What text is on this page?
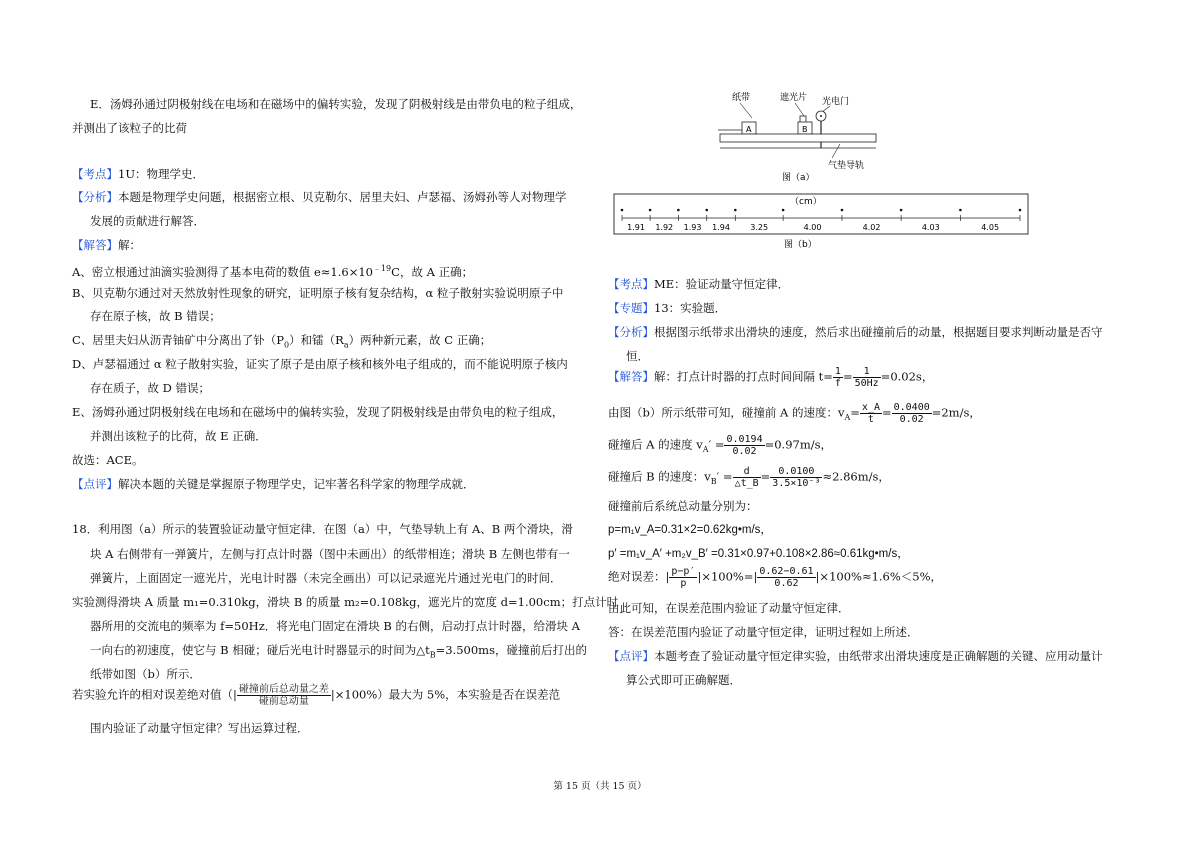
E．汤姆孙通过阴极射线在电场和在磁场中的偏转实验，发现了阴极射线是由带负电的粒子组成，
并测出了该粒子的比荷
【考点】1U：物理学史．
【分析】本题是物理学史问题，根据密立根、贝克勒尔、居里夫妇、卢瑟福、汤姆孙等人对物理学
发展的贡献进行解答．
【解答】解：
A、密立根通过油滴实验测得了基本电荷的数值 $e\approx 1.6\times 10^{﹣19}C$，故 A 正确；
B、贝克勒尔通过对天然放射性现象的研究，证明原子核有复杂结构，α 粒子散射实验说明原子中
存在原子核，故 B 错误；
C、居里夫妇从沥青铀矿中分离出了钋$(P_0)$和镭$(R_a)$两种新元素，故 C 正确；
D、卢瑟福通过 α 粒子散射实验，证实了原子是由原子核和核外电子组成的，而不能说明原子核内
存在质子，故 D 错误；
E、汤姆孙通过阴极射线在电场和在磁场中的偏转实验，发现了阴极射线是由带负电的粒子组成，
并测出该粒子的比荷，故 E 正确．
故选：ACE。
【点评】解决本题的关键是掌握原子物理学史，记牢著名科学家的物理学成就．
18．利用图（a）所示的装置验证动量守恒定律．在图（a）中，气垫导轨上有 A、B 两个滑块，滑
块 A 右侧带有一弹簧片，左侧与打点计时器（图中未画出）的纸带相连；滑块 B 左侧也带有一
弹簧片，上面固定一遮光片，光电计时器（未完全画出）可以记录遮光片通过光电门的时间．
实验测得滑块 A 质量 m₁=0.310kg，滑块 B 的质量 m₂=0.108kg，遮光片的宽度 d=1.00cm；打点计时
器所用的交流电的频率为 f=50Hz．将光电门固定在滑块 B 的右侧，启动打点计时器，给滑块 A
一向右的初速度，使它与 B 相碰；碰后光电计时器显示的时间为$\triangle t_B=3.500ms$，碰撞前后打出的
纸带如图（b）所示．
若实验允许的相对误差绝对值（| $\frac{\text{碰撞前后总动量之差}}{\text{碰前总动量}} |\times 100\%$）最大为 5%，本实验是否在误差范
围内验证了动量守恒定律？写出运算过程．
纸带	遮光片 光电门
A	B
气垫导轨
图（a）
（cm）
1.91 1.92 1.93 1.94	3.25	4.00	4.02	4.03	4.05
图（b）
【考点】ME：验证动量守恒定律．
【专题】13：实验题．
【分析】根据图示纸带求出滑块的速度，然后求出碰撞前后的动量，根据题目要求判断动量是否守
恒．
【解答】解：打点计时器的打点时间间隔 $t= \frac{1}{f} = \frac{1}{50Hz} =0.02s$，
由图（b）所示纸带可知，碰撞前 A 的速度：$v_A= \frac{x\_A}{t} = \frac{0.0400}{0.02} =2m/s$，
碰撞后 A 的速度 $v_A' = \frac{0.0194}{0.02} =0.97m/s$，
碰撞后 B 的速度：$v_B' = \frac{d}{\triangle t\_B} = \frac{0.0100}{\text{3.5×10⁻³}} \approx 2.86m/s$，
碰撞前后系统总动量分别为：
p=m₁v_A=0.31×2=0.62kg•m/s，
p′ =m₁v_A′ +m₂v_B′ =0.31×0.97+0.108×2.86≈0.61kg•m/s，
绝对误差：| $\frac{p-p'}{p} |\times 100\%=| \frac{0.62-0.61}{0.62} |\times 100\%\approx 1.6\%<5\%$，
由此可知，在误差范围内验证了动量守恒定律．
答：在误差范围内验证了动量守恒定律，证明过程如上所述．
【点评】本题考查了验证动量守恒定律实验，由纸带求出滑块速度是正确解题的关键、应用动量计
算公式即可正确解题．
第 15 页（共 15 页）
